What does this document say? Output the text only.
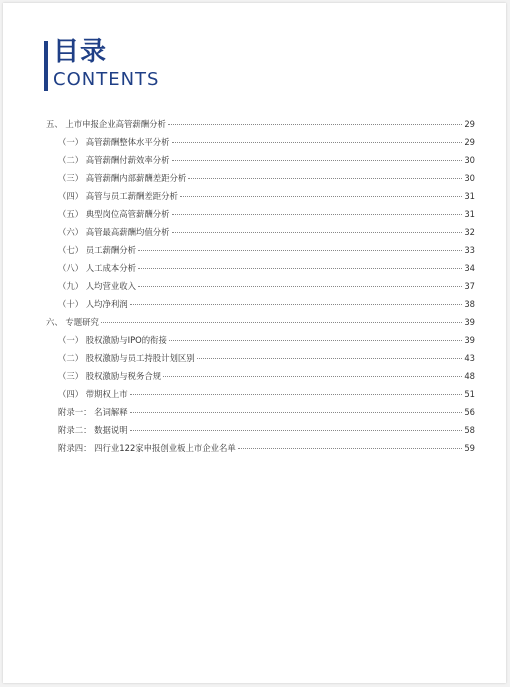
目录
CONTENTS
五、 上市申报企业高管薪酬分析	29
（一） 高管薪酬整体水平分析	29
（二） 高管薪酬付薪效率分析	30
（三） 高管薪酬内部薪酬差距分析	30
（四） 高管与员工薪酬差距分析	31
（五） 典型岗位高管薪酬分析	31
（六） 高管最高薪酬均值分析	32
（七） 员工薪酬分析	33
（八） 人工成本分析	34
（九） 人均营业收入	37
（十） 人均净利润	38
六、 专题研究	39
（一） 股权激励与IPO的衔接	39
（二） 股权激励与员工持股计划区别	43
（三） 股权激励与税务合规	48
（四） 带期权上市	51
附录一： 名词解释	56
附录二： 数据说明	58
附录四： 四行业122家申报创业板上市企业名单	59
